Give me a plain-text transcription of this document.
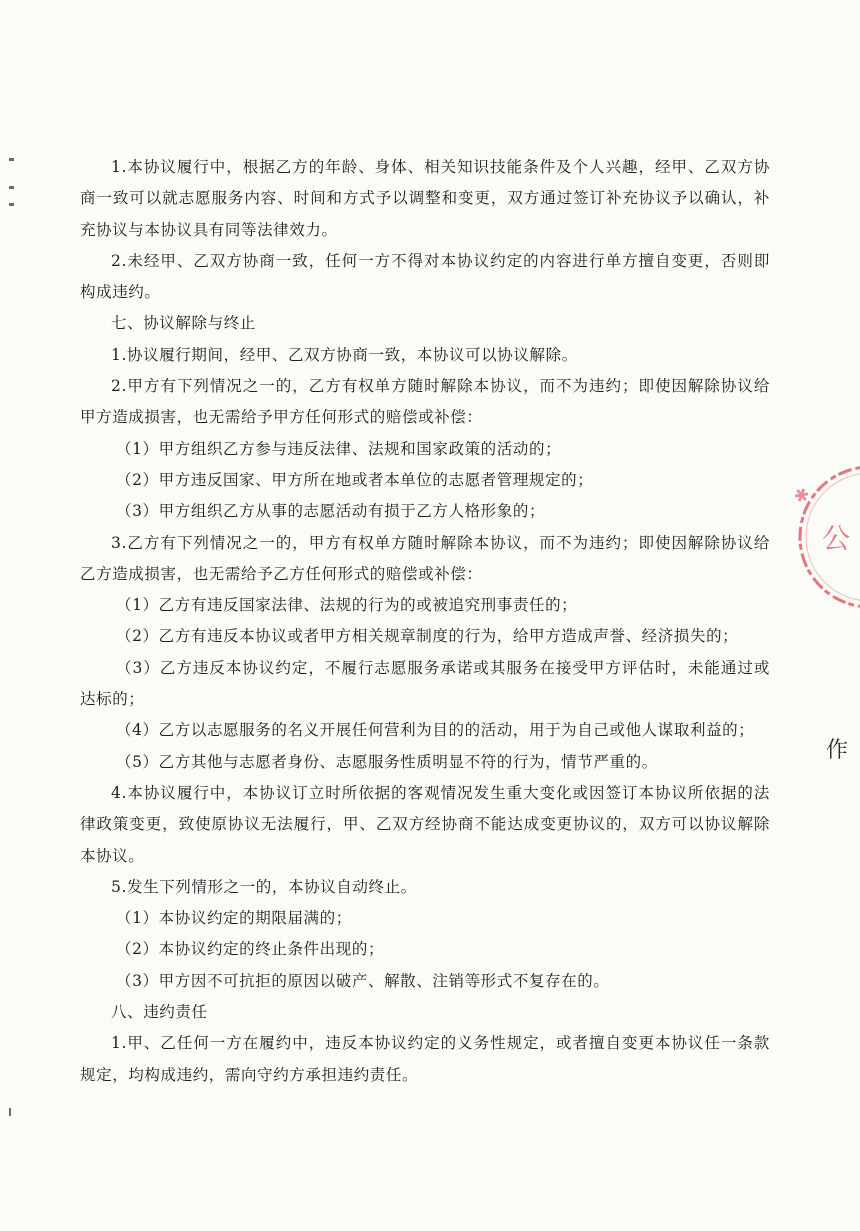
1.本协议履行中，根据乙方的年龄、身体、相关知识技能条件及个人兴趣，经甲、乙双方协商一致可以就志愿服务内容、时间和方式予以调整和变更，双方通过签订补充协议予以确认，补充协议与本协议具有同等法律效力。

2.未经甲、乙双方协商一致，任何一方不得对本协议约定的内容进行单方擅自变更，否则即构成违约。

七、协议解除与终止

1.协议履行期间，经甲、乙双方协商一致，本协议可以协议解除。

2.甲方有下列情况之一的，乙方有权单方随时解除本协议，而不为违约；即使因解除协议给甲方造成损害，也无需给予甲方任何形式的赔偿或补偿：

（1）甲方组织乙方参与违反法律、法规和国家政策的活动的；

（2）甲方违反国家、甲方所在地或者本单位的志愿者管理规定的；

（3）甲方组织乙方从事的志愿活动有损于乙方人格形象的；

3.乙方有下列情况之一的，甲方有权单方随时解除本协议，而不为违约；即使因解除协议给乙方造成损害，也无需给予乙方任何形式的赔偿或补偿：

（1）乙方有违反国家法律、法规的行为的或被追究刑事责任的；

（2）乙方有违反本协议或者甲方相关规章制度的行为，给甲方造成声誉、经济损失的；

（3）乙方违反本协议约定，不履行志愿服务承诺或其服务在接受甲方评估时，未能通过或达标的；

（4）乙方以志愿服务的名义开展任何营利为目的的活动，用于为自己或他人谋取利益的；

（5）乙方其他与志愿者身份、志愿服务性质明显不符的行为，情节严重的。

4.本协议履行中，本协议订立时所依据的客观情况发生重大变化或因签订本协议所依据的法律政策变更，致使原协议无法履行，甲、乙双方经协商不能达成变更协议的，双方可以协议解除本协议。

5.发生下列情形之一的，本协议自动终止。

（1）本协议约定的期限届满的；

（2）本协议约定的终止条件出现的；

（3）甲方因不可抗拒的原因以破产、解散、注销等形式不复存在的。

八、违约责任

1.甲、乙任何一方在履约中，违反本协议约定的义务性规定，或者擅自变更本协议任一条款规定，均构成违约，需向守约方承担违约责任。

公
✱
作
